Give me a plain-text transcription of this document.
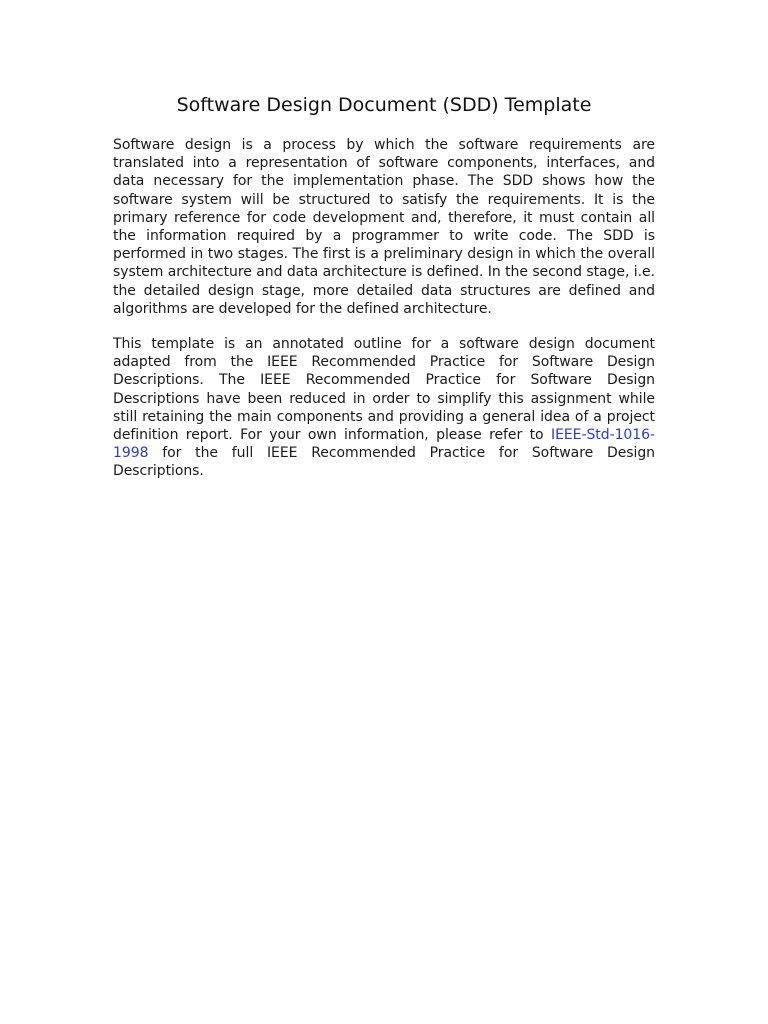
Software Design Document (SDD) Template

Software design is a process by which the software requirements are translated into a representation of software components, interfaces, and data necessary for the implementation phase. The SDD shows how the software system will be structured to satisfy the requirements. It is the primary reference for code development and, therefore, it must contain all the information required by a programmer to write code. The SDD is performed in two stages. The first is a preliminary design in which the overall system architecture and data architecture is defined. In the second stage, i.e. the detailed design stage, more detailed data structures are defined and algorithms are developed for the defined architecture.

This template is an annotated outline for a software design document adapted from the IEEE Recommended Practice for Software Design Descriptions. The IEEE Recommended Practice for Software Design Descriptions have been reduced in order to simplify this assignment while still retaining the main components and providing a general idea of a project definition report. For your own information, please refer to IEEE-Std-1016-1998 for the full IEEE Recommended Practice for Software Design Descriptions.
